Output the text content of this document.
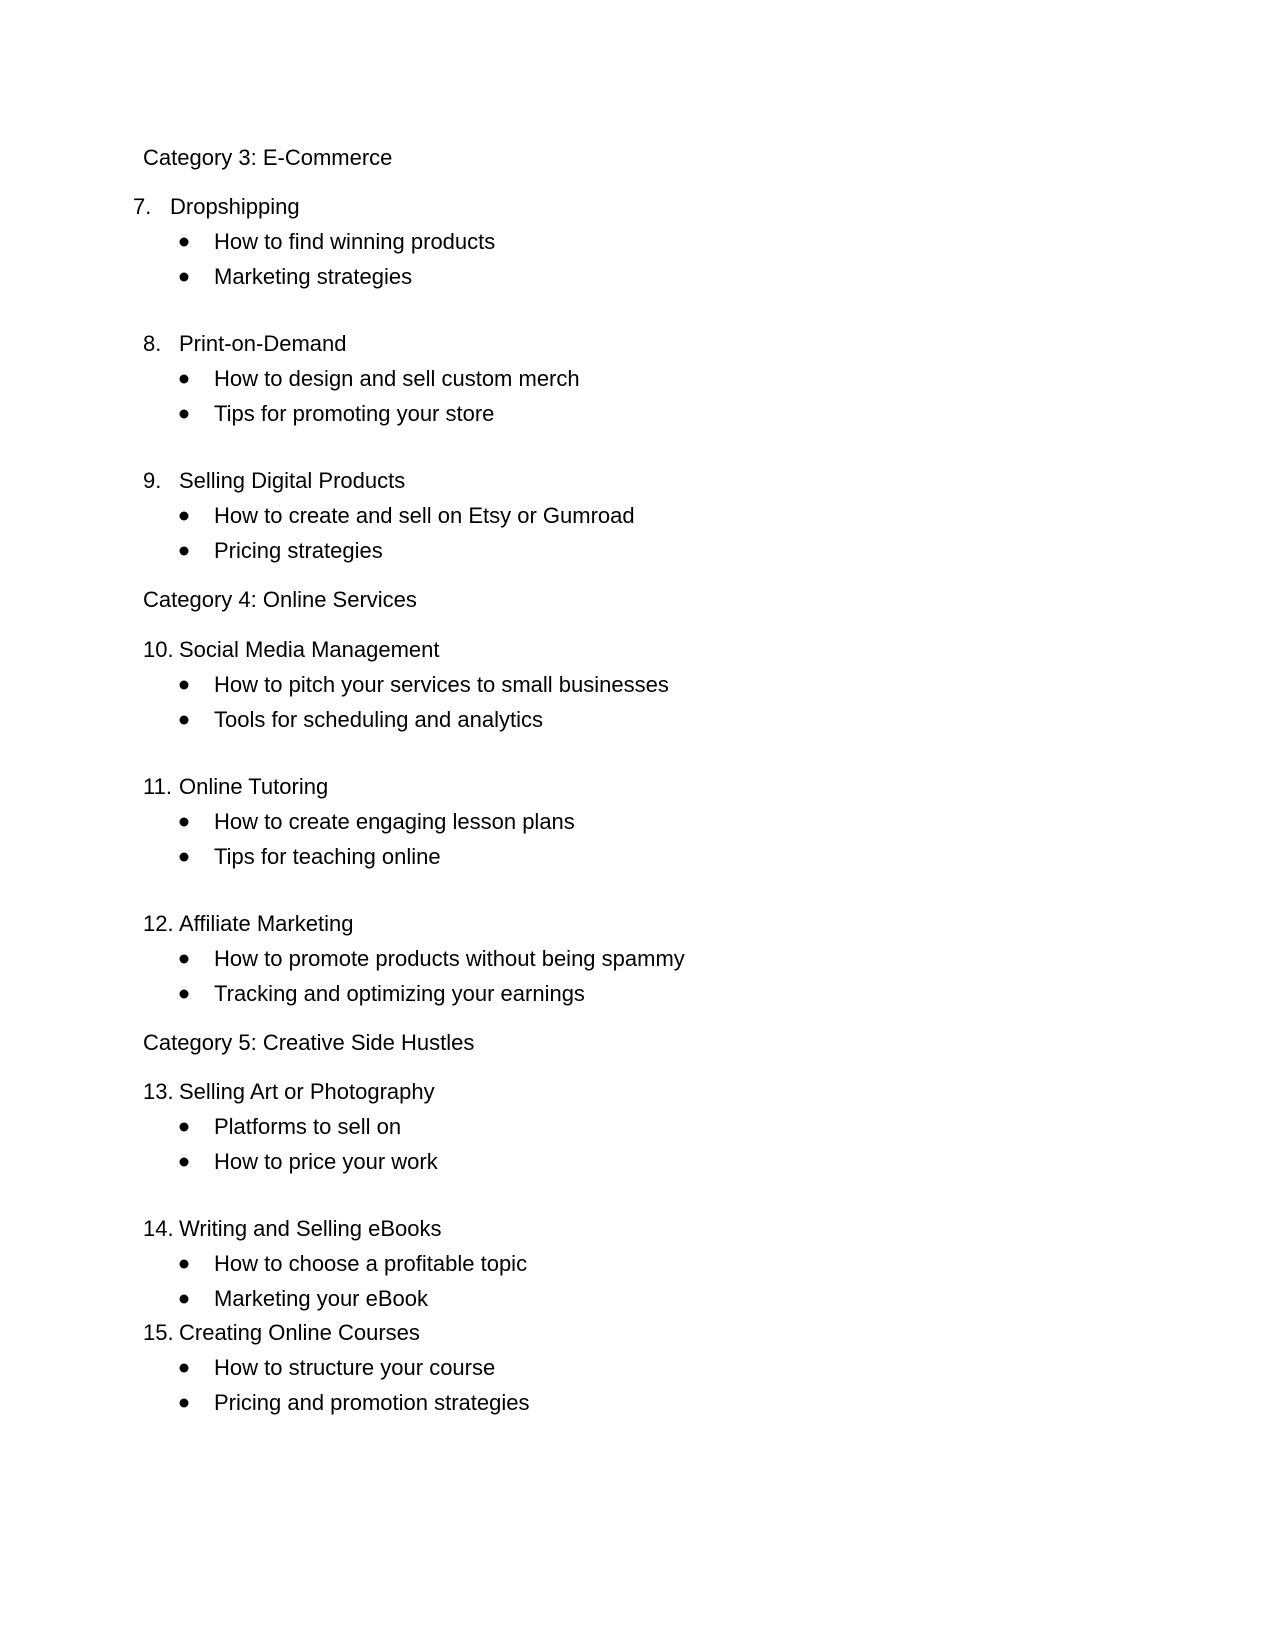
Category 3: E-Commerce
7. Dropshipping
How to find winning products
Marketing strategies
8. Print-on-Demand
How to design and sell custom merch
Tips for promoting your store
9. Selling Digital Products
How to create and sell on Etsy or Gumroad
Pricing strategies
Category 4: Online Services
10. Social Media Management
How to pitch your services to small businesses
Tools for scheduling and analytics
11. Online Tutoring
How to create engaging lesson plans
Tips for teaching online
12. Affiliate Marketing
How to promote products without being spammy
Tracking and optimizing your earnings
Category 5: Creative Side Hustles
13. Selling Art or Photography
Platforms to sell on
How to price your work
14. Writing and Selling eBooks
How to choose a profitable topic
Marketing your eBook
15. Creating Online Courses
How to structure your course
Pricing and promotion strategies
